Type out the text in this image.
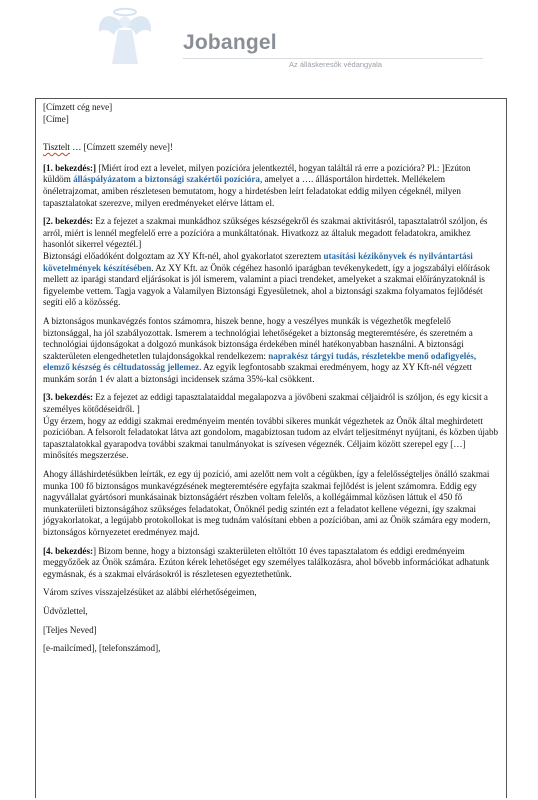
Jobangel
Az álláskeresők védangyala

[Címzett cég neve]

[Címe]

Tisztelt … [Címzett személy neve]!

[1. bekezdés:] [Miért írod ezt a levelet, milyen pozícióra jelentkeztél, hogyan találtál rá erre a pozícióra? Pl.: ]Ezúton küldöm álláspályázatom a biztonsági szakértői pozícióra, amelyet a …. állásportálon hirdettek. Mellékelem önéletrajzomat, amiben részletesen bemutatom, hogy a hirdetésben leírt feladatokat eddig milyen cégeknél, milyen tapasztalatokat szerezve, milyen eredményeket elérve láttam el.

[2. bekezdés: Ez a fejezet a szakmai munkádhoz szükséges készségekről és szakmai aktivitásról, tapasztalatról szóljon, és arról, miért is lennél megfelelő erre a pozícióra a munkáltatónak. Hivatkozz az általuk megadott feladatokra, amikhez hasonlót sikerrel végeztél.]

Biztonsági előadóként dolgoztam az XY Kft-nél, ahol gyakorlatot szereztem utasítási kézikönyvek és nyilvántartási követelmények készítésében. Az XY Kft. az Önök cégéhez hasonló iparágban tevékenykedett, így a jogszabályi előírások mellett az iparági standard eljárásokat is jól ismerem, valamint a piaci trendeket, amelyeket a szakmai előírányzatoknál is figyelembe vettem. Tagja vagyok a Valamilyen Biztonsági Egyesületnek, ahol a biztonsági szakma folyamatos fejlődését segíti elő a közösség.

A biztonságos munkavégzés fontos számomra, hiszek benne, hogy a veszélyes munkák is végezhetők megfelelő biztonsággal, ha jól szabályozottak. Ismerem a technológiai lehetőségeket a biztonság megteremtésére, és szeretném a technológiai újdonságokat a dolgozó munkások biztonsága érdekében minél hatékonyabban használni. A biztonsági szakterületen elengedhetetlen tulajdonságokkal rendelkezem: naprakész tárgyi tudás, részletekbe menő odafigyelés, elemző készség és céltudatosság jellemez. Az egyik legfontosabb szakmai eredményem, hogy az XY Kft-nél végzett munkám során 1 év alatt a biztonsági incidensek száma 35%-kal csökkent.

[3. bekezdés: Ez a fejezet az eddigi tapasztalataiddal megalapozva a jövőbeni szakmai céljaidról is szóljon, és egy kicsit a személyes kötődéseidről. ]

Úgy érzem, hogy az eddigi szakmai eredményeim mentén további sikeres munkát végezhetek az Önök által meghirdetett pozícióban. A felsorolt feladatokat látva azt gondolom, magabiztosan tudom az elvárt teljesítményt nyújtani, és közben újabb tapasztalatokkal gyarapodva további szakmai tanulmányokat is szívesen végeznék. Céljaim között szerepel egy […] minősítés megszerzése.

Ahogy álláshirdetésükben leírták, ez egy új pozíció, ami azelőtt nem volt a cégükben, így a felelősségteljes önálló szakmai munka 100 fő biztonságos munkavégzésének megteremtésére egyfajta szakmai fejlődést is jelent számomra. Eddig egy nagyvállalat gyártósori munkásainak biztonságáért részben voltam felelős, a kollégáimmal közösen láttuk el 450 fő munkaterületi biztonságához szükséges feladatokat, Önöknél pedig szintén ezt a feladatot kellene végezni, így szakmai jógyakorlatokat, a legújabb protokollokat is meg tudnám valósítani ebben a pozícióban, ami az Önök számára egy modern, biztonságos környezetet eredményez majd.

[4. bekezdés:] Bizom benne, hogy a biztonsági szakterületen eltöltött 10 éves tapasztalatom és eddigi eredményeim meggyőzőek az Önök számára. Ezúton kérek lehetőséget egy személyes találkozásra, ahol bővebb információkat adhatunk egymásnak, és a szakmai elvárásokról is részletesen egyeztethetünk.

Várom szíves visszajelzésüket az alábbi elérhetőségeimen,

Üdvözlettel,

[Teljes Neved]

[e-mailcímed], [telefonszámod],
